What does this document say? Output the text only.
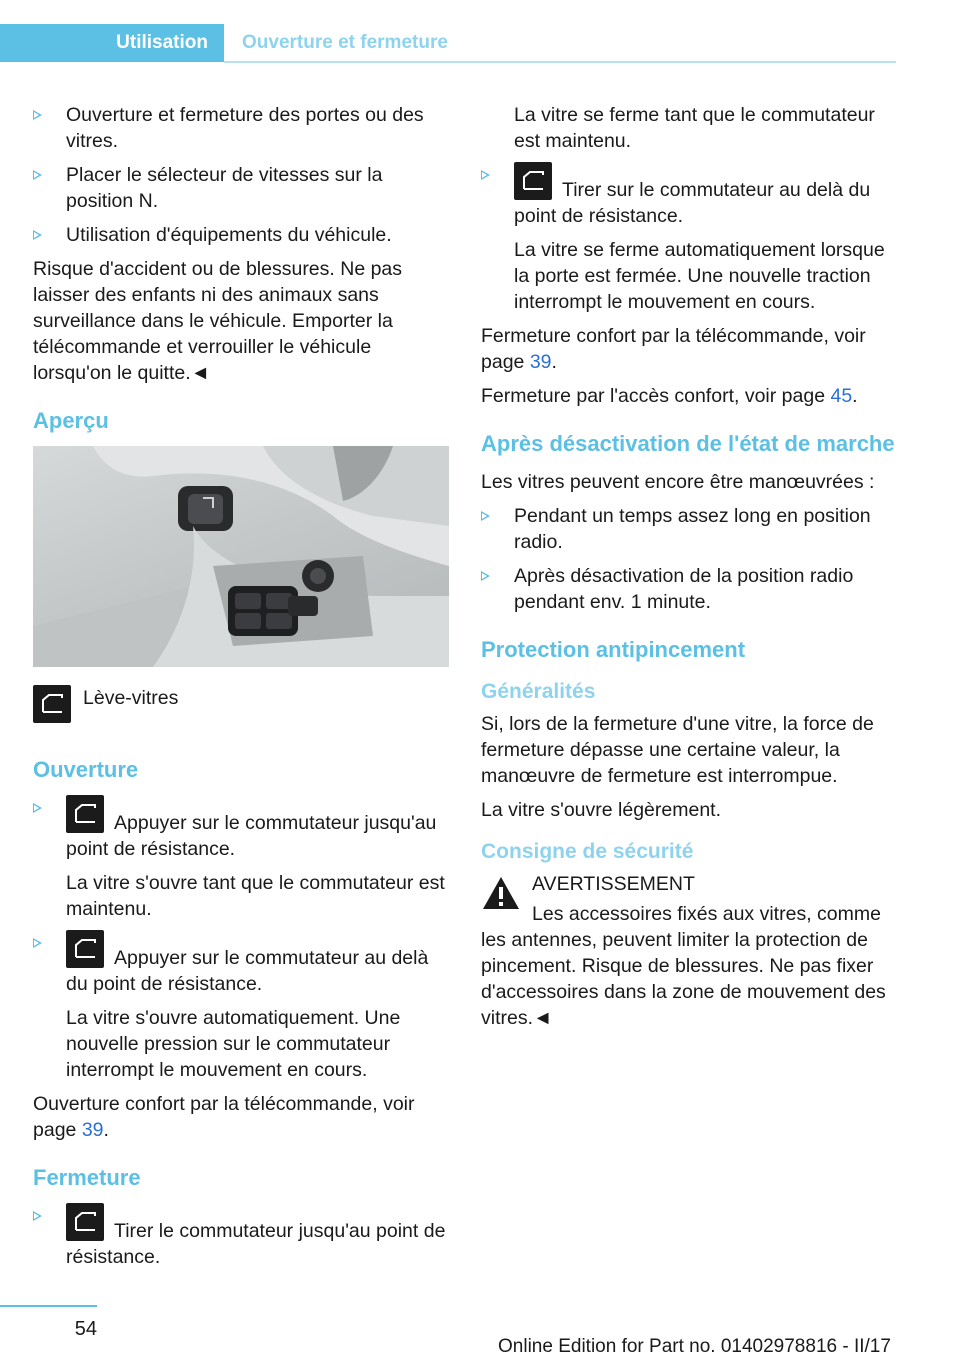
Utilisation	Ouverture et fermeture
Ouverture et fermeture des portes ou des vitres.
Placer le sélecteur de vitesses sur la position N.
Utilisation d'équipements du véhicule.

Risque d'accident ou de blessures. Ne pas laisser des enfants ni des animaux sans surveillance dans le véhicule. Emporter la télécommande et verrouiller le véhicule lorsqu'on le quitte.◄

Aperçu
Lève-vitres
Ouverture
Appuyer sur le commutateur jusqu'au point de résistance.

La vitre s'ouvre tant que le commutateur est maintenu.

Appuyer sur le commutateur au delà du point de résistance.

La vitre s'ouvre automatiquement. Une nouvelle pression sur le commutateur interrompt le mouvement en cours.

Ouverture confort par la télécommande, voir page 39.

Fermeture
Tirer le commutateur jusqu'au point de résistance.

La vitre se ferme tant que le commutateur est maintenu.

Tirer sur le commutateur au delà du point de résistance.

La vitre se ferme automatiquement lorsque la porte est fermée. Une nouvelle traction interrompt le mouvement en cours.

Fermeture confort par la télécommande, voir page 39.

Fermeture par l'accès confort, voir page 45.

Après désactivation de l'état de marche

Les vitres peuvent encore être manœuvrées :

Pendant un temps assez long en position radio.
Après désactivation de la position radio pendant env. 1 minute.
Protection antipincement
Généralités

Si, lors de la fermeture d'une vitre, la force de fermeture dépasse une certaine valeur, la manœuvre de fermeture est interrompue.

La vitre s'ouvre légèrement.

Consigne de sécurité
AVERTISSEMENT

Les accessoires fixés aux vitres, comme les antennes, peuvent limiter la protection de pincement. Risque de blessures. Ne pas fixer d'accessoires dans la zone de mouvement des vitres.◄

54
Online Edition for Part no. 01402978816 - II/17
